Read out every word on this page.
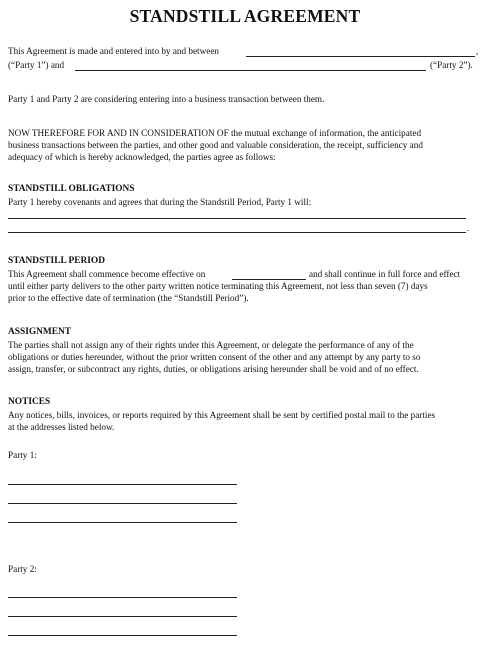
STANDSTILL AGREEMENT
This Agreement is made and entered into by and between	,
(“Party 1”) and	(“Party 2”).
Party 1 and Party 2 are considering entering into a business transaction between them.
NOW THEREFORE FOR AND IN CONSIDERATION OF the mutual exchange of information, the anticipated
business transactions between the parties, and other good and valuable consideration, the receipt, sufficiency and
adequacy of which is hereby acknowledged, the parties agree as follows:
STANDSTILL OBLIGATIONS
Party 1 hereby covenants and agrees that during the Standstill Period, Party 1 will:
.
STANDSTILL PERIOD
This Agreement shall commence become effective on	and shall continue in full force and effect
until either party delivers to the other party written notice terminating this Agreement, not less than seven (7) days
prior to the effective date of termination (the “Standstill Period”).
ASSIGNMENT
The parties shall not assign any of their rights under this Agreement, or delegate the performance of any of the
obligations or duties hereunder, without the prior written consent of the other and any attempt by any party to so
assign, transfer, or subcontract any rights, duties, or obligations arising hereunder shall be void and of no effect.
NOTICES
Any notices, bills, invoices, or reports required by this Agreement shall be sent by certified postal mail to the parties
at the addresses listed below.
Party 1:
Party 2:
